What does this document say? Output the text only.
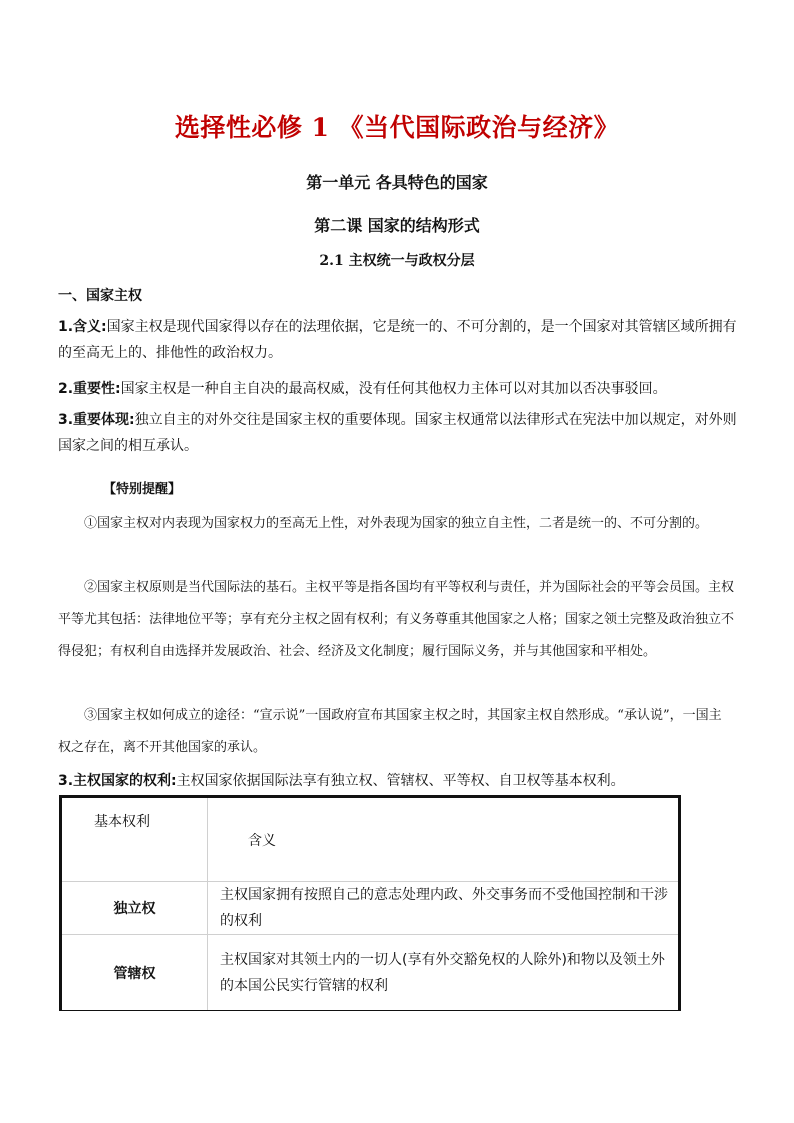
选择性必修 1 《当代国际政治与经济》
第一单元 各具特色的国家
第二课 国家的结构形式
2.1 主权统一与政权分层
一、国家主权
1.含义:国家主权是现代国家得以存在的法理依据，它是统一的、不可分割的，是一个国家对其管辖区域所拥有的至高无上的、排他性的政治权力。
2.重要性:国家主权是一种自主自决的最高权威，没有任何其他权力主体可以对其加以否决事驳回。
3.重要体现:独立自主的对外交往是国家主权的重要体现。国家主权通常以法律形式在宪法中加以规定，对外则国家之间的相互承认。
【特别提醒】
①国家主权对内表现为国家权力的至高无上性，对外表现为国家的独立自主性，二者是统一的、不可分割的。
②国家主权原则是当代国际法的基石。主权平等是指各国均有平等权利与责任，并为国际社会的平等会员国。主权平等尤其包括：法律地位平等；享有充分主权之固有权利；有义务尊重其他国家之人格；国家之领土完整及政治独立不得侵犯；有权利自由选择并发展政治、社会、经济及文化制度；履行国际义务，并与其他国家和平相处。
③国家主权如何成立的途径：“宣示说”一国政府宣布其国家主权之时，其国家主权自然形成。“承认说”，一国主权之存在，离不开其他国家的承认。
3.主权国家的权利:主权国家依据国际法享有独立权、管辖权、平等权、自卫权等基本权利。
基本权利	含义
独立权	主权国家拥有按照自己的意志处理内政、外交事务而不受他国控制和干涉的权利
管辖权	主权国家对其领土内的一切人(享有外交豁免权的人除外)和物以及领土外的本国公民实行管辖的权利
